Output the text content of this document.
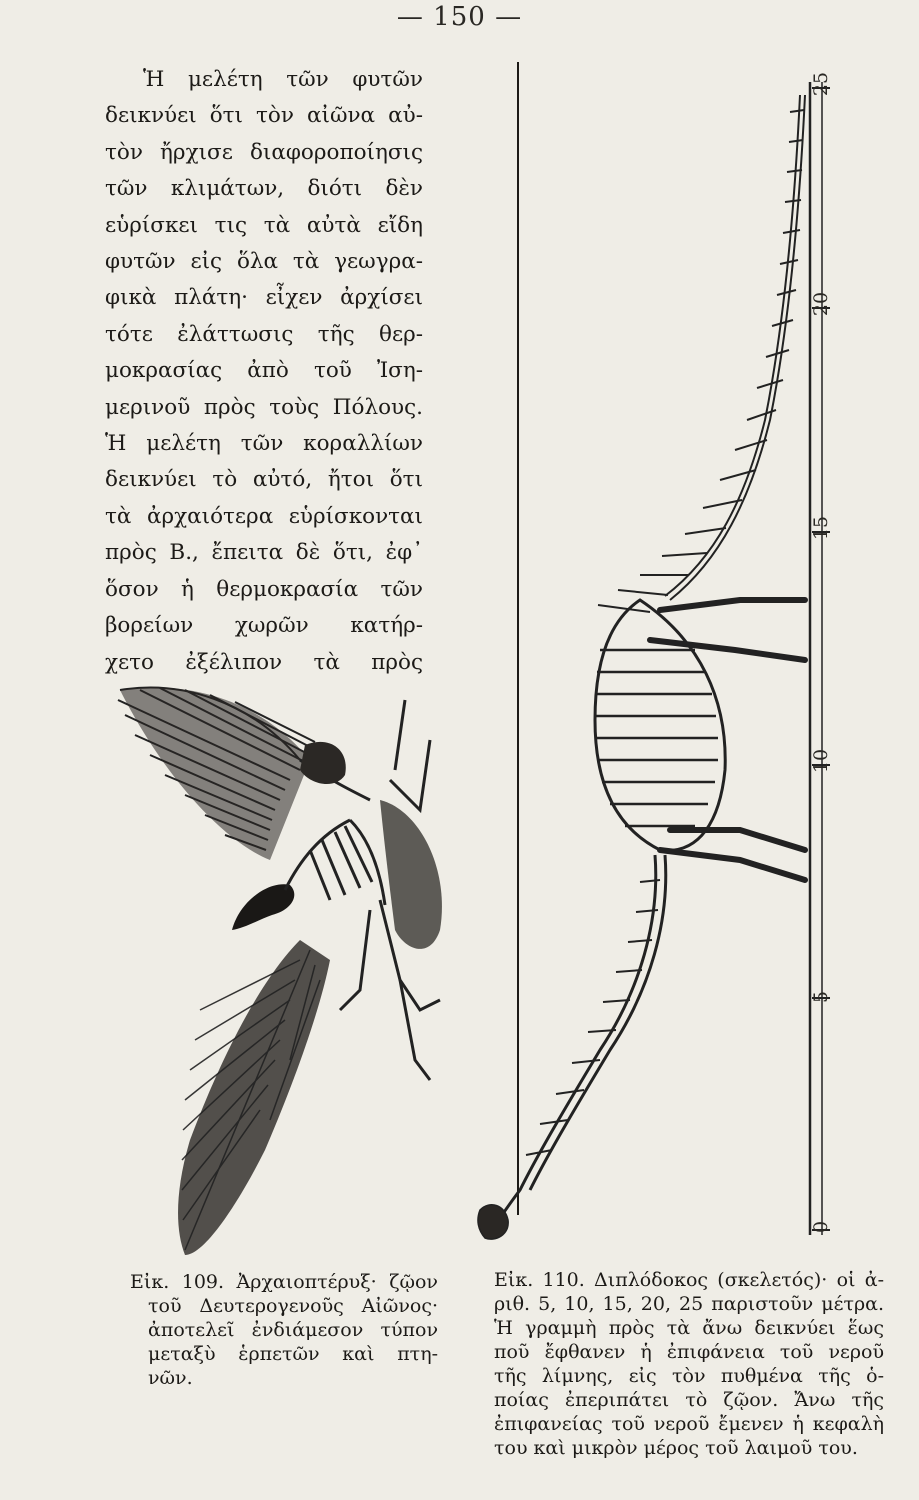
— 150 —
Ἡ μελέτη τῶν φυτῶν
δεικνύει ὅτι τὸν αἰῶνα αὐ-
τὸν ἤρχισε διαφοροποίησις
τῶν κλιμάτων, διότι δὲν
εὑρίσκει τις τὰ αὐτὰ εἴδη
φυτῶν εἰς ὅλα τὰ γεωγρα-
φικὰ πλάτη· εἶχεν ἀρχίσει
τότε ἐλάττωσις τῆς θερ-
μοκρασίας ἀπὸ τοῦ Ἰση-
μερινοῦ πρὸς τοὺς Πόλους.
Ἡ μελέτη τῶν κοραλλίων
δεικνύει τὸ αὐτό, ἤτοι ὅτι
τὰ ἀρχαιότερα εὑρίσκονται
πρὸς Β., ἔπειτα δὲ ὅτι, ἐφ᾽
ὅσον ἡ θερμοκρασία τῶν
βορείων χωρῶν κατήρ-
χετο ἐξέλιπον τὰ πρὸς
25
20
15
10
5
0
Εἰκ. 109. Ἀρχαιοπτέρυξ· ζῷον
τοῦ Δευτερογενοῦς Αἰῶνος·
ἀποτελεῖ ἐνδιάμεσον τύπον
μεταξὺ ἑρπετῶν καὶ πτη-
νῶν.
Εἰκ. 110. Διπλόδοκος (σκελετός)· οἱ ἀ-
ριθ. 5, 10, 15, 20, 25 παριστοῦν μέτρα.
Ἡ γραμμὴ πρὸς τὰ ἄνω δεικνύει ἕως
ποῦ ἔφθανεν ἡ ἐπιφάνεια τοῦ νεροῦ
τῆς λίμνης, εἰς τὸν πυθμένα τῆς ὁ-
ποίας ἐπεριπάτει τὸ ζῷον. Ἄνω τῆς
ἐπιφανείας τοῦ νεροῦ ἔμενεν ἡ κεφαλὴ
του καὶ μικρὸν μέρος τοῦ λαιμοῦ του.
